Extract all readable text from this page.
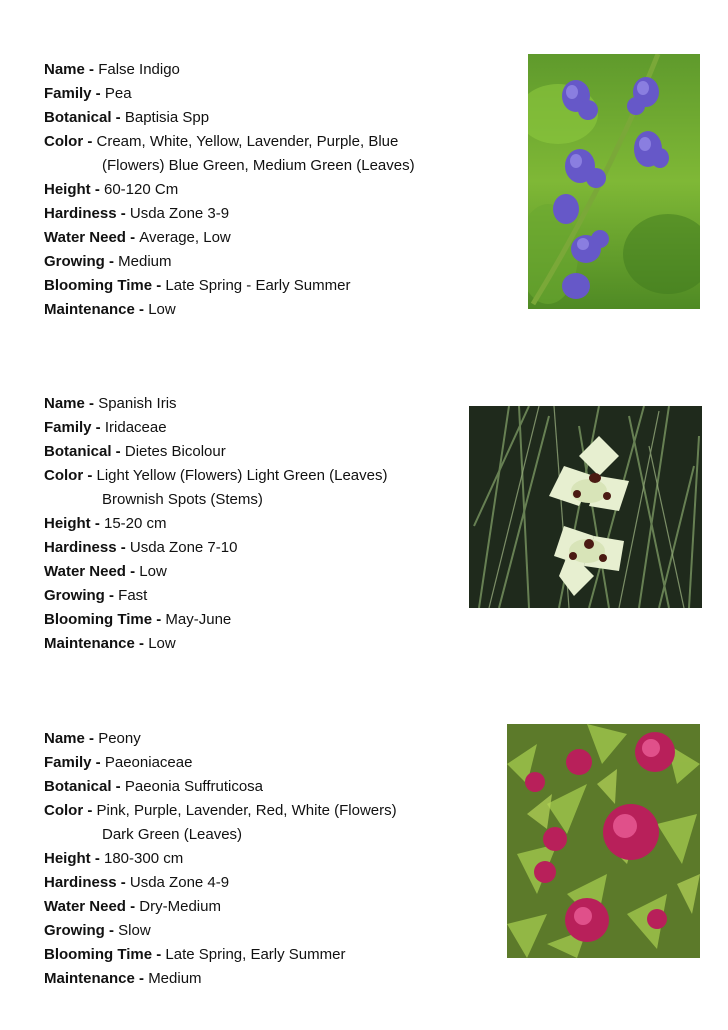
Name - False Indigo
Family - Pea
Botanical - Baptisia Spp
Color - Cream, White, Yellow, Lavender, Purple, Blue
(Flowers) Blue Green, Medium Green (Leaves)
Height - 60-120 Cm
Hardiness - Usda Zone 3-9
Water Need - Average, Low
Growing - Medium
Blooming Time - Late Spring - Early Summer
Maintenance - Low
Name - Spanish Iris
Family - Iridaceae
Botanical - Dietes Bicolour
Color - Light Yellow (Flowers) Light Green (Leaves)
Brownish Spots (Stems)
Height - 15-20 cm
Hardiness - Usda Zone 7-10
Water Need - Low
Growing - Fast
Blooming Time - May-June
Maintenance - Low
Name - Peony
Family - Paeoniaceae
Botanical - Paeonia Suffruticosa
Color - Pink, Purple, Lavender, Red, White (Flowers)
Dark Green (Leaves)
Height - 180-300 cm
Hardiness - Usda Zone 4-9
Water Need - Dry-Medium
Growing - Slow
Blooming Time - Late Spring, Early Summer
Maintenance - Medium
